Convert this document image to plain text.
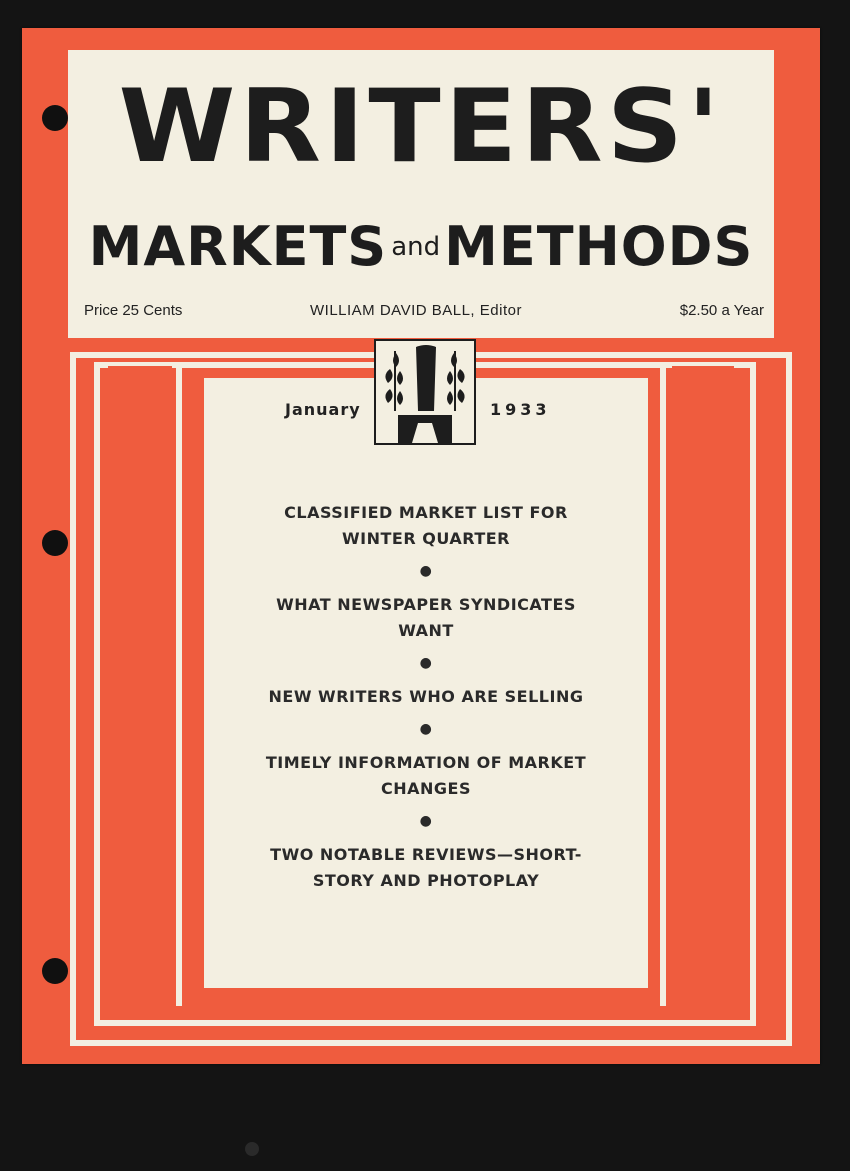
WRITERS'
MARKETS andMETHODS
Price 25 Cents	WILLIAM DAVID BALL, Editor	$2.50 a Year
January	1933
CLASSIFIED MARKET LIST FOR WINTER QUARTER
●
WHAT NEWSPAPER SYNDICATES WANT
●
NEW WRITERS WHO ARE SELLING
●
TIMELY INFORMATION OF MARKET CHANGES
●
TWO NOTABLE REVIEWS—SHORT-STORY AND PHOTOPLAY
